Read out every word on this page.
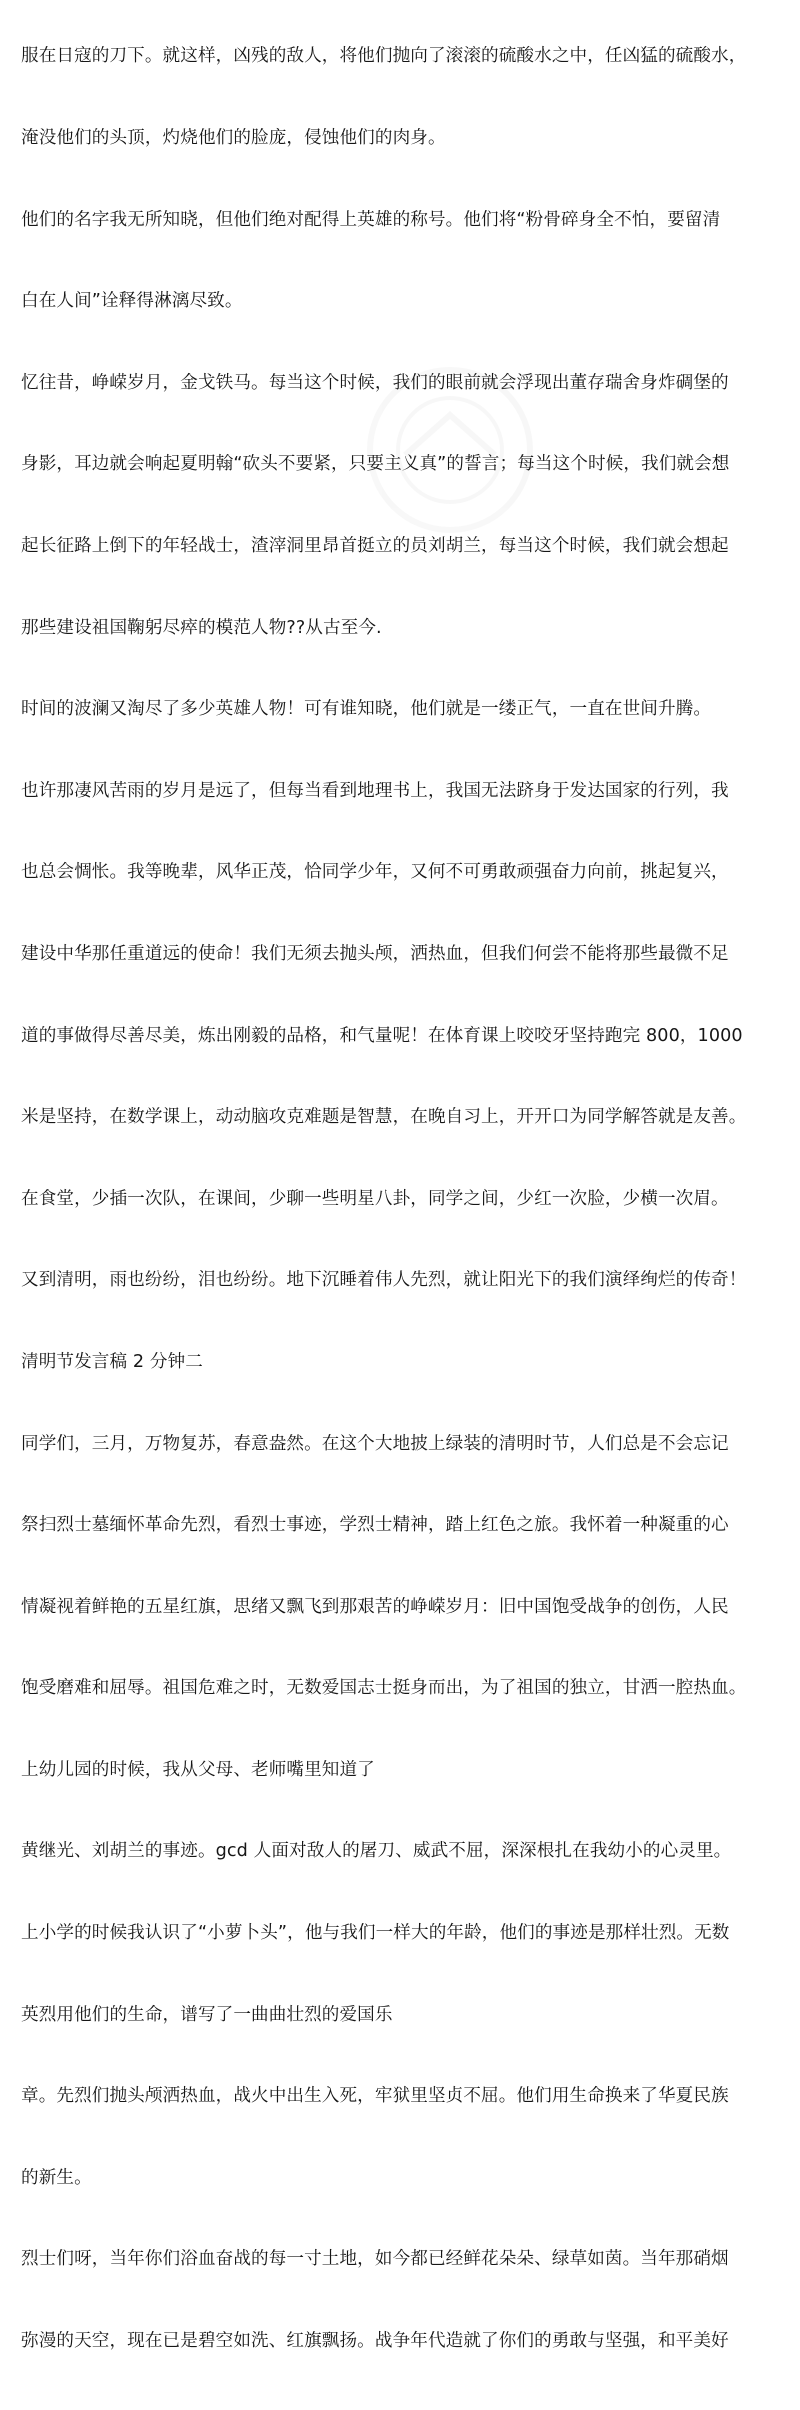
服在日寇的刀下。就这样，凶残的敌人，将他们抛向了滚滚的硫酸水之中，任凶猛的硫酸水，

淹没他们的头顶，灼烧他们的脸庞，侵蚀他们的肉身。

他们的名字我无所知晓，但他们绝对配得上英雄的称号。他们将“粉骨碎身全不怕，要留清

白在人间”诠释得淋漓尽致。

忆往昔，峥嵘岁月，金戈铁马。每当这个时候，我们的眼前就会浮现出董存瑞舍身炸碉堡的

身影，耳边就会响起夏明翰“砍头不要紧，只要主义真”的誓言；每当这个时候，我们就会想

起长征路上倒下的年轻战士，渣滓洞里昂首挺立的员刘胡兰，每当这个时候，我们就会想起

那些建设祖国鞠躬尽瘁的模范人物??从古至今.

时间的波澜又淘尽了多少英雄人物！可有谁知晓，他们就是一缕正气，一直在世间升腾。

也许那凄风苦雨的岁月是远了，但每当看到地理书上，我国无法跻身于发达国家的行列，我

也总会惆怅。我等晚辈，风华正茂，恰同学少年，又何不可勇敢顽强奋力向前，挑起复兴，

建设中华那任重道远的使命！我们无须去抛头颅，洒热血，但我们何尝不能将那些最微不足

道的事做得尽善尽美，炼出刚毅的品格，和气量呢！在体育课上咬咬牙坚持跑完 800，1000

米是坚持，在数学课上，动动脑攻克难题是智慧，在晚自习上，开开口为同学解答就是友善。

在食堂，少插一次队，在课间，少聊一些明星八卦，同学之间，少红一次脸，少横一次眉。

又到清明，雨也纷纷，泪也纷纷。地下沉睡着伟人先烈，就让阳光下的我们演绎绚烂的传奇！

清明节发言稿 2 分钟二

同学们，三月，万物复苏，春意盎然。在这个大地披上绿装的清明时节，人们总是不会忘记

祭扫烈士墓缅怀革命先烈，看烈士事迹，学烈士精神，踏上红色之旅。我怀着一种凝重的心

情凝视着鲜艳的五星红旗，思绪又飘飞到那艰苦的峥嵘岁月：旧中国饱受战争的创伤，人民

饱受磨难和屈辱。祖国危难之时，无数爱国志士挺身而出，为了祖国的独立，甘洒一腔热血。

上幼儿园的时候，我从父母、老师嘴里知道了

黄继光、刘胡兰的事迹。gcd 人面对敌人的屠刀、威武不屈，深深根扎在我幼小的心灵里。

上小学的时候我认识了“小萝卜头”，他与我们一样大的年龄，他们的事迹是那样壮烈。无数

英烈用他们的生命，谱写了一曲曲壮烈的爱国乐

章。先烈们抛头颅洒热血，战火中出生入死，牢狱里坚贞不屈。他们用生命换来了华夏民族

的新生。

烈士们呀，当年你们浴血奋战的每一寸土地，如今都已经鲜花朵朵、绿草如茵。当年那硝烟

弥漫的天空，现在已是碧空如洗、红旗飘扬。战争年代造就了你们的勇敢与坚强，和平美好
